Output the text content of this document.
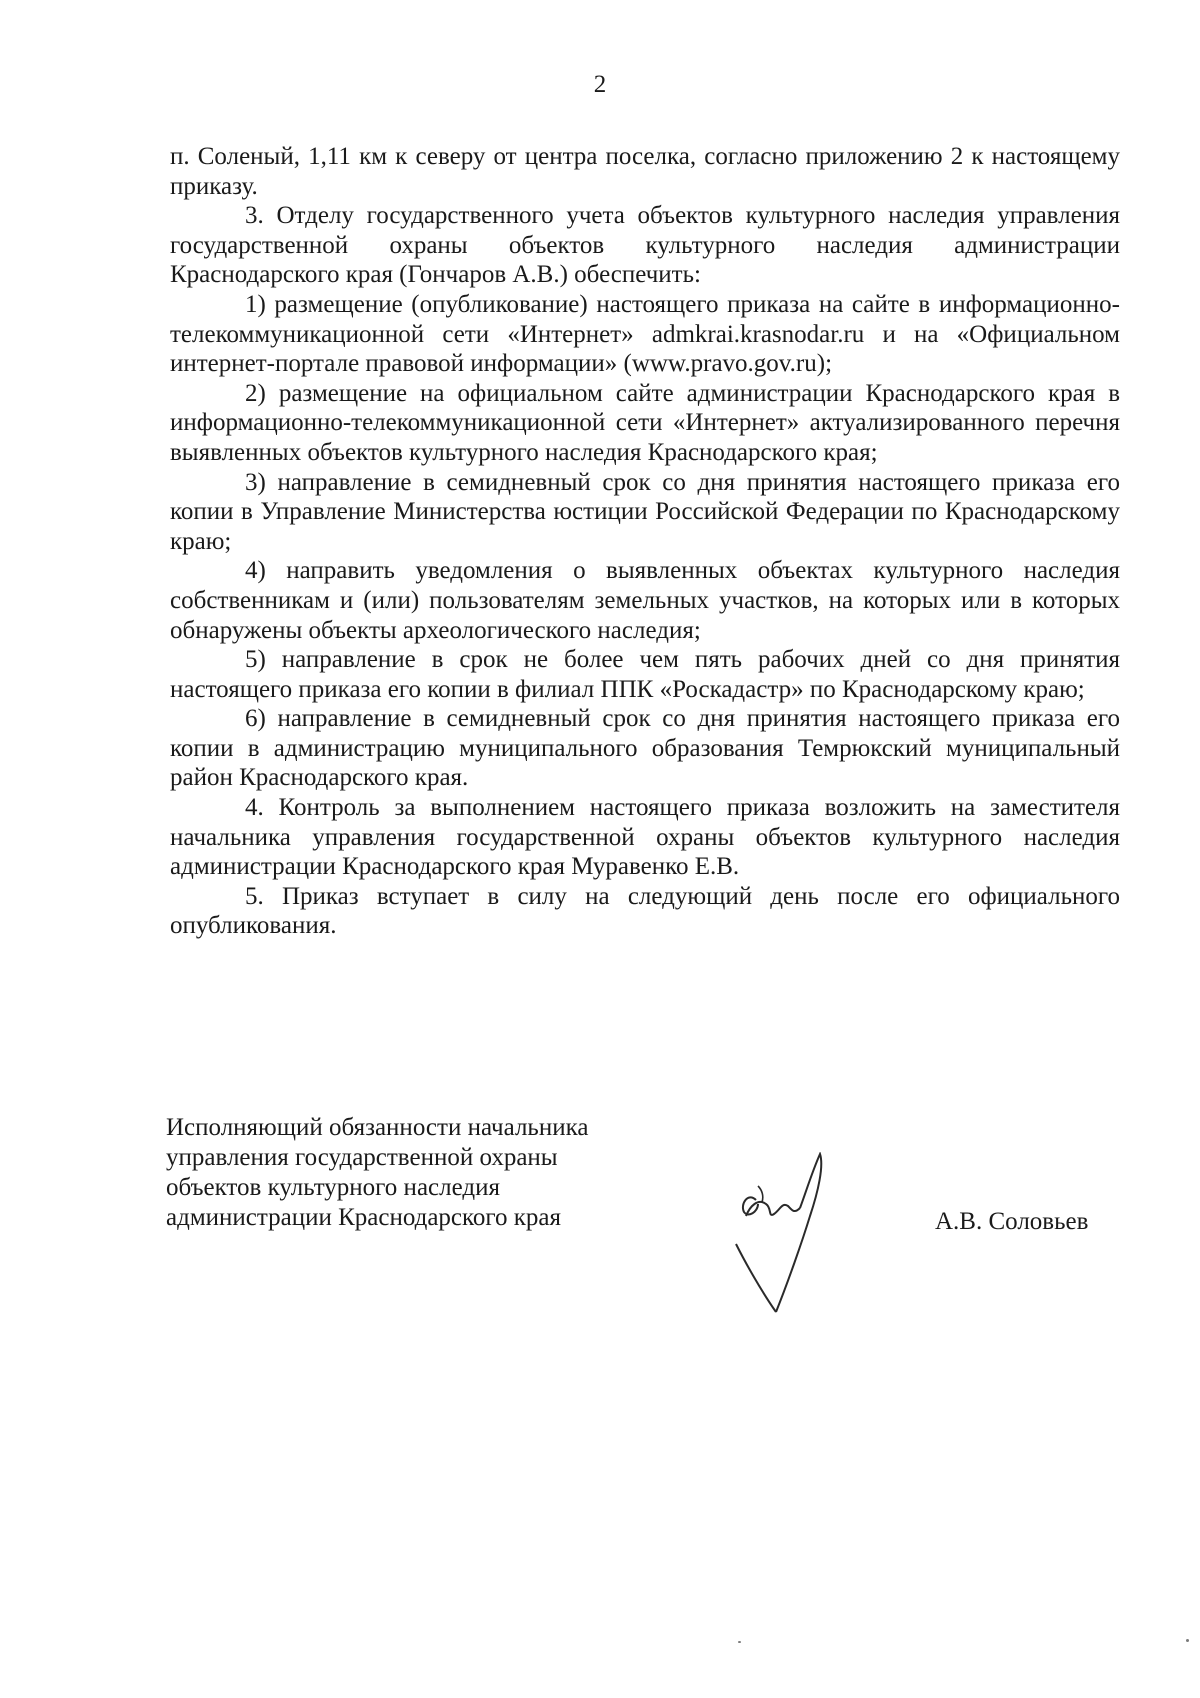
2

п. Соленый, 1,11 км к северу от центра поселка, согласно приложению 2 к настоящему приказу.

3. Отделу государственного учета объектов культурного наследия управления государственной охраны объектов культурного наследия администрации Краснодарского края (Гончаров А.В.) обеспечить:

1) размещение (опубликование) настоящего приказа на сайте в информационно-телекоммуникационной сети «Интернет» admkrai.krasnodar.ru и на «Официальном интернет-портале правовой информации» (www.pravo.gov.ru);

2) размещение на официальном сайте администрации Краснодарского края в информационно-телекоммуникационной сети «Интернет» актуализированного перечня выявленных объектов культурного наследия Краснодарского края;

3) направление в семидневный срок со дня принятия настоящего приказа его копии в Управление Министерства юстиции Российской Федерации по Краснодарскому краю;

4) направить уведомления о выявленных объектах культурного наследия собственникам и (или) пользователям земельных участков, на которых или в которых обнаружены объекты археологического наследия;

5) направление в срок не более чем пять рабочих дней со дня принятия настоящего приказа его копии в филиал ППК «Роскадастр» по Краснодарскому краю;

6) направление в семидневный срок со дня принятия настоящего приказа его копии в администрацию муниципального образования Темрюкский муниципальный район Краснодарского края.

4. Контроль за выполнением настоящего приказа возложить на заместителя начальника управления государственной охраны объектов культурного наследия администрации Краснодарского края Муравенко Е.В.

5. Приказ вступает в силу на следующий день после его официального опубликования.

Исполняющий обязанности начальника
управления государственной охраны
объектов культурного наследия
администрации Краснодарского края	А.В. Соловьев
